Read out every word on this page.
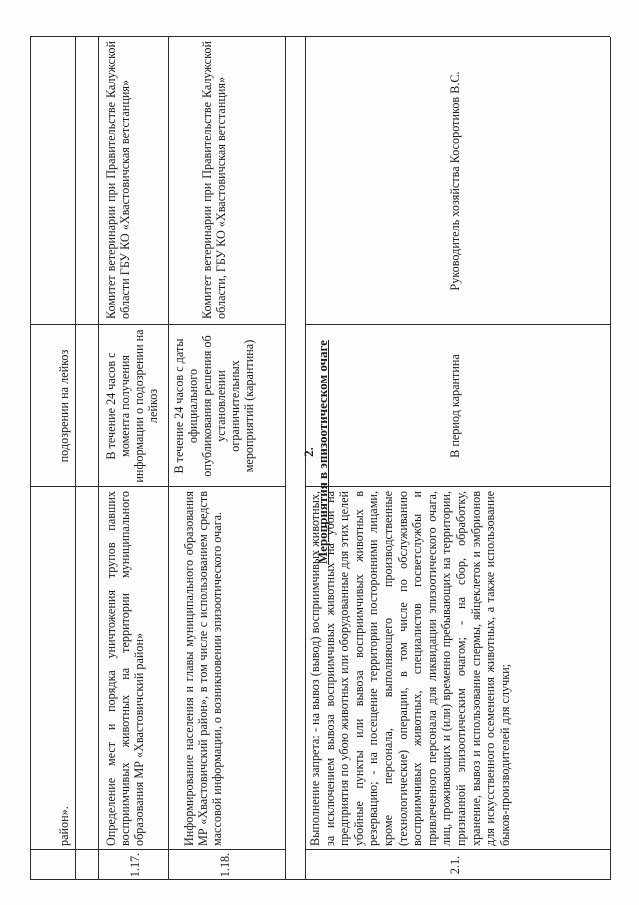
район».
подозрении на лейкоз
1.17.
Определение мест и порядка уничтожения трупов павших восприимчивых животных на территории муниципального образования МР «Хвастовичский район»
В течение 24 часов с момента получения информации о подозрении на лейкоз
Комитет ветеринарии при Правительстве Калужской области ГБУ КО «Хвастовичская ветстанция»
1.18.
Информирование населения и главы муниципального образования МР «Хвастовичский район», в том числе с использованием средств массовой информации, о возникновении эпизоотического очага.
В течение 24 часов с даты официального опубликования решения об установлении ограничительных мероприятий (карантина)
Комитет ветеринарии при Правительстве Калужской области, ГБУ КО «Хвастовичская ветстанция»

2.
Мероприятия в эпизоотическом очаге

2.1.
Выполнение запрета: - на вывоз (вывод) восприимчивых животных, за исключением вывоза восприимчивых животных на убой на предприятия по убою животных или оборудованные для этих целей убойные пункты или вывоза восприимчивых животных в резервацию; - на посещение территории посторонними лицами, кроме персонала, выполняющего производственные (технологические) операции, в том числе по обслуживанию восприимчивых животных, специалистов госветслужбы и привлеченного персонала для ликвидации эпизоотического очага, лиц, проживающих и (или) временно пребывающих на территории, признанной эпизоотическим очагом; - на сбор, обработку, хранение, вывоз и использование спермы, яйцеклеток и эмбрионов для искусственного осеменения животных, а также использование быков-производителей для случки;
В период карантина
Руководитель хозяйства Косоротиков В.С.
